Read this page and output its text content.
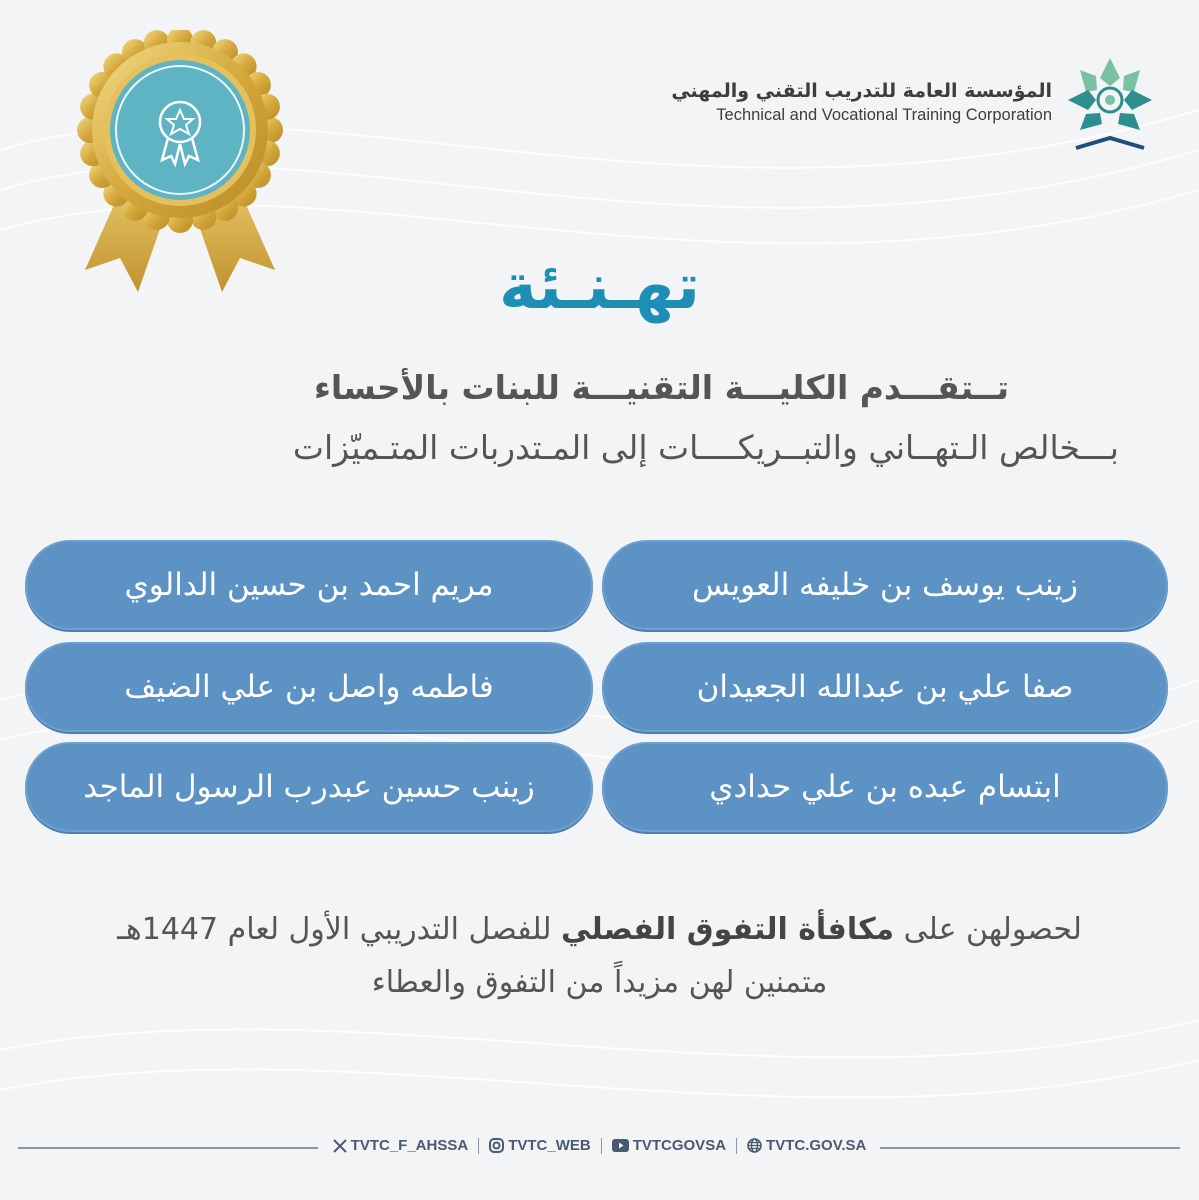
المؤسسة العامة للتدريب التقني والمهني
Technical and Vocational Training Corporation
تهـنـئة
تــتقـــدم الكليـــة التقنيـــة للبنات بالأحساء
بـــخالص الـتهــاني والتبــريكــــات إلى المـتدربات المتـميّزات
زينب يوسف بن خليفه العويس
مريم احمد بن حسين الدالوي
صفا علي بن عبدالله الجعيدان
فاطمه واصل بن علي الضيف
ابتسام عبده بن علي حدادي
زينب حسين عبدرب الرسول الماجد
لحصولهن على مكافأة التفوق الفصلي للفصل التدريبي الأول لعام 1447هـ
متمنين لهن مزيداً من التفوق والعطاء
TVTC_F_AHSSA	TVTC_WEB	TVTCGOVSA	TVTC.GOV.SA
